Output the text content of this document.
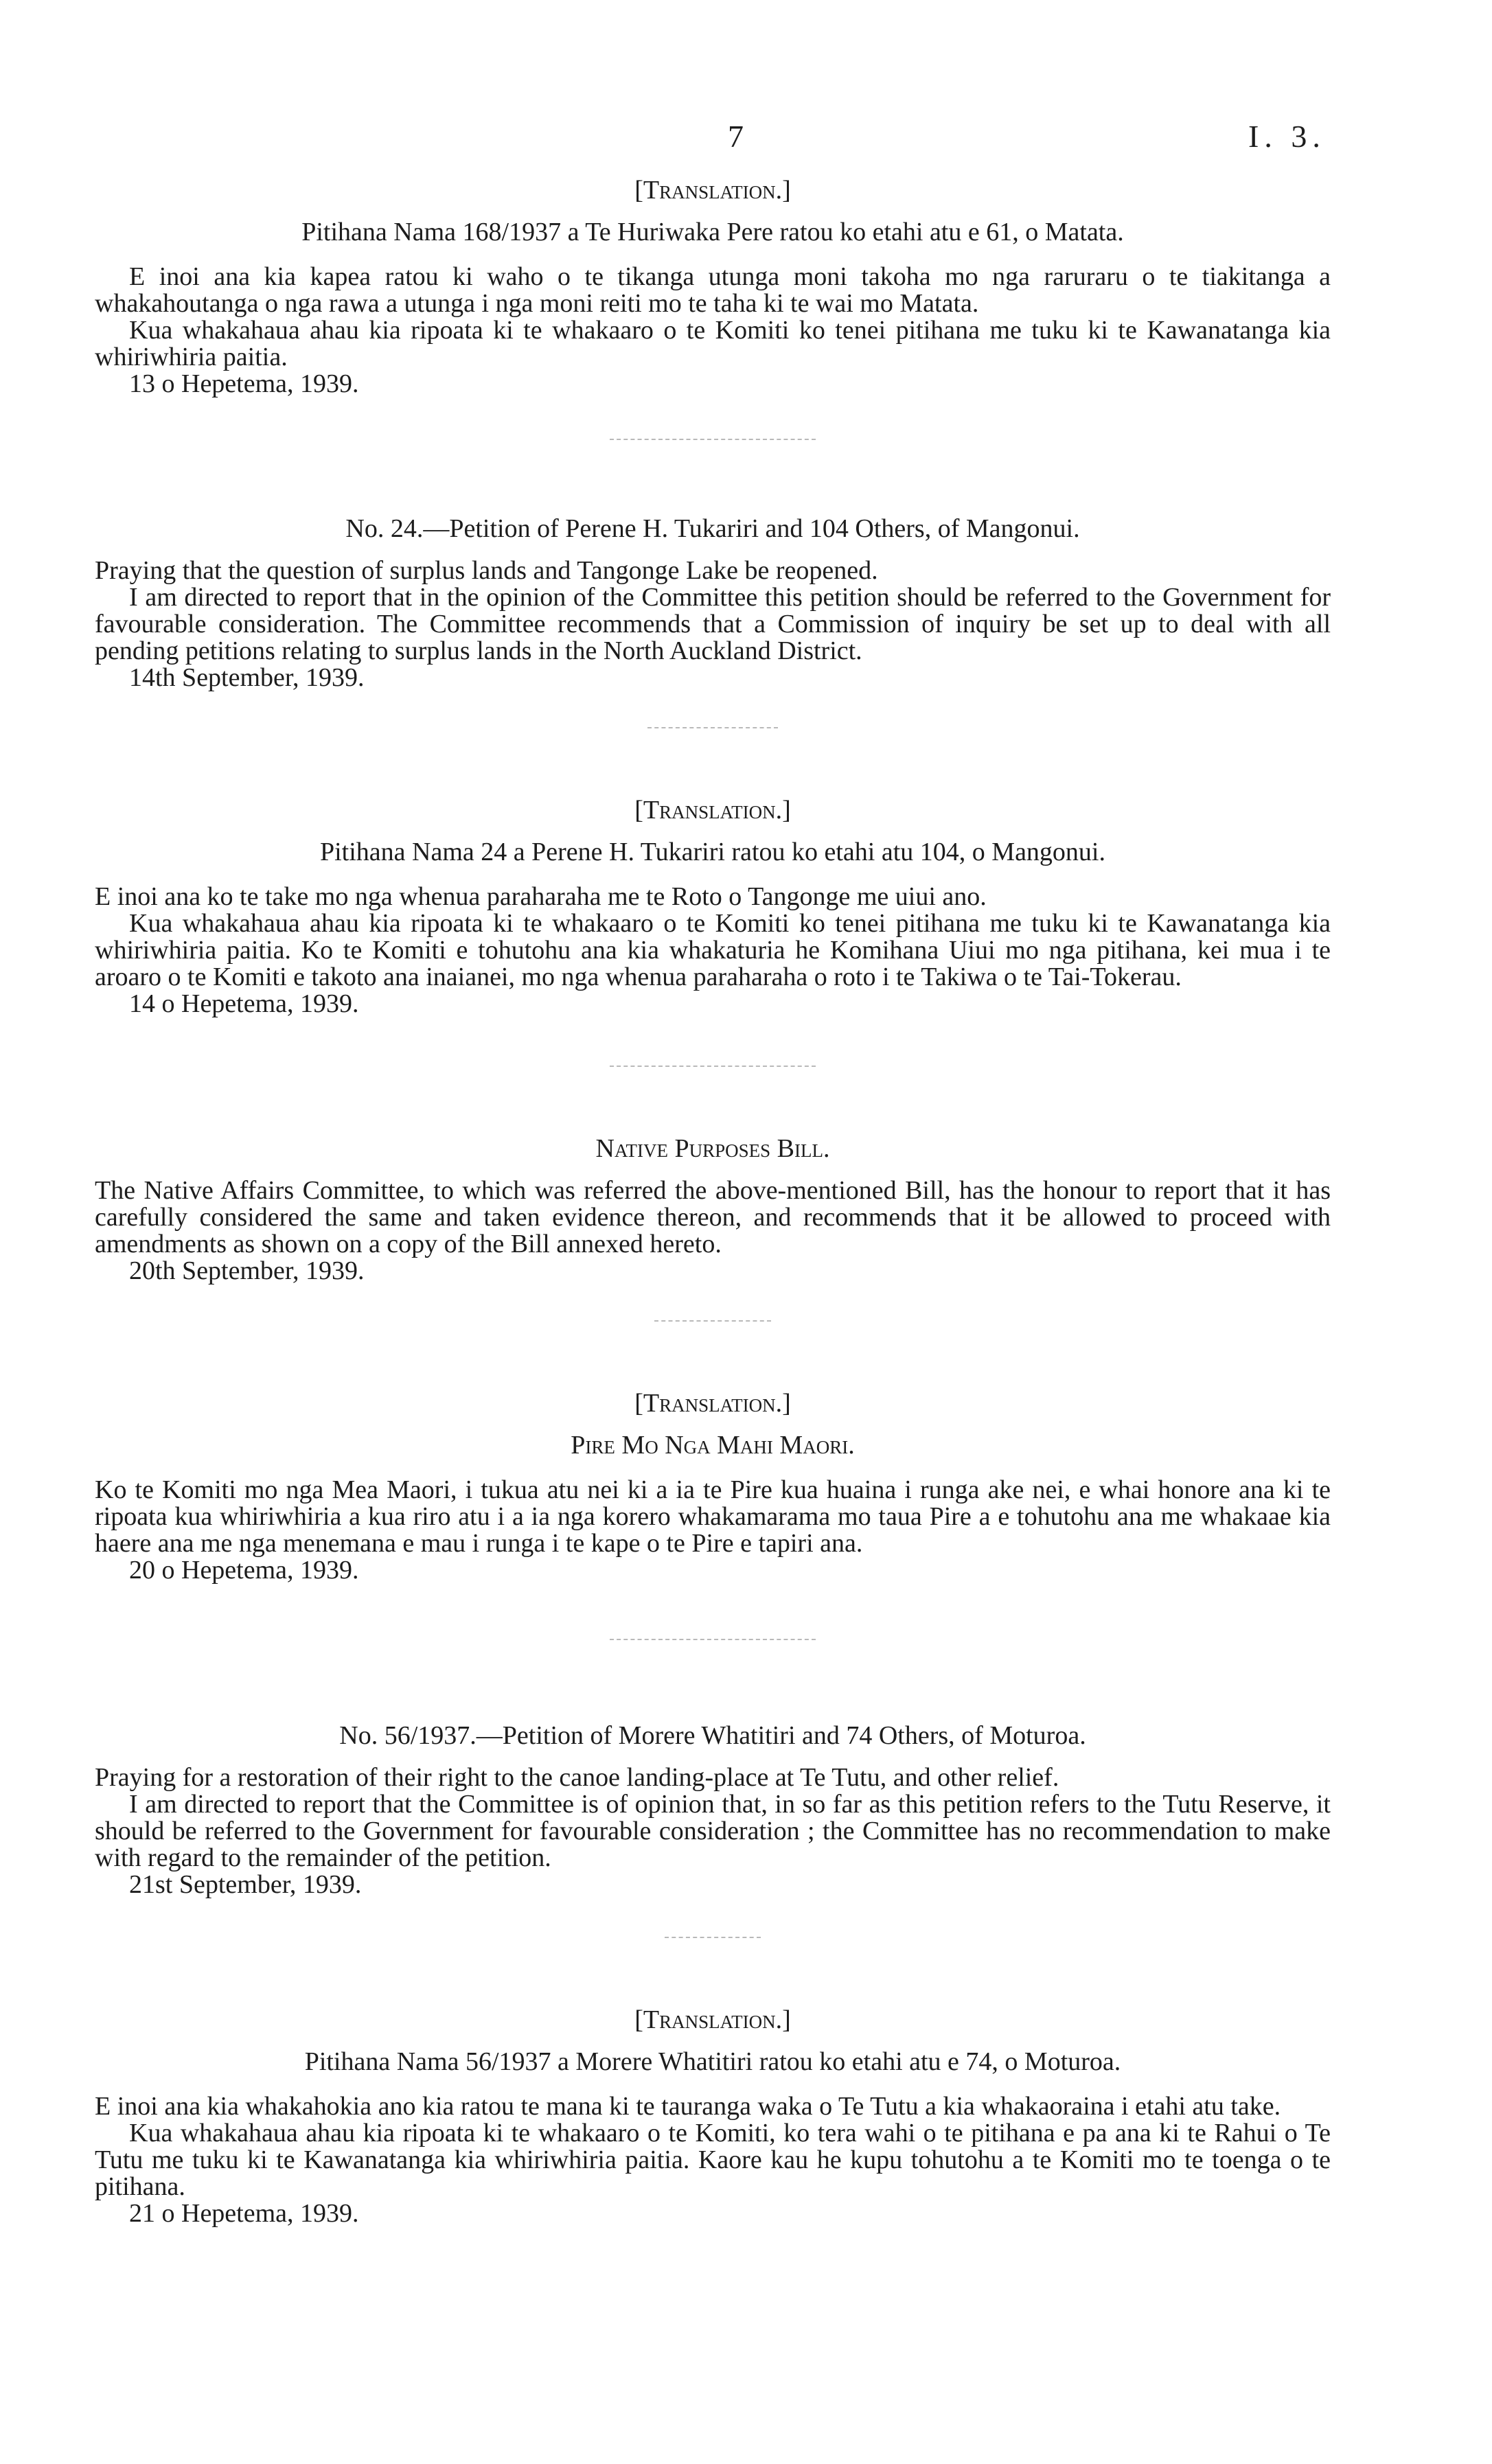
7	I. 3.
[Translation.]
Pitihana Nama 168/1937 a Te Huriwaka Pere ratou ko etahi atu e 61, o Matata.

E inoi ana kia kapea ratou ki waho o te tikanga utunga moni takoha mo nga raruraru o te tiakitanga a whakahoutanga o nga rawa a utunga i nga moni reiti mo te taha ki te wai mo Matata.

Kua whakahaua ahau kia ripoata ki te whakaaro o te Komiti ko tenei pitihana me tuku ki te Kawanatanga kia whiriwhiria paitia.

13 o Hepetema, 1939.

No. 24.—Petition of Perene H. Tukariri and 104 Others, of Mangonui.

Praying that the question of surplus lands and Tangonge Lake be reopened.

I am directed to report that in the opinion of the Committee this petition should be referred to the Government for favourable consideration. The Committee recommends that a Commission of inquiry be set up to deal with all pending petitions relating to surplus lands in the North Auckland District.

14th September, 1939.

[Translation.]
Pitihana Nama 24 a Perene H. Tukariri ratou ko etahi atu 104, o Mangonui.

E inoi ana ko te take mo nga whenua paraharaha me te Roto o Tangonge me uiui ano.

Kua whakahaua ahau kia ripoata ki te whakaaro o te Komiti ko tenei pitihana me tuku ki te Kawanatanga kia whiriwhiria paitia. Ko te Komiti e tohutohu ana kia whakaturia he Komihana Uiui mo nga pitihana, kei mua i te aroaro o te Komiti e takoto ana inaianei, mo nga whenua paraharaha o roto i te Takiwa o te Tai-Tokerau.

14 o Hepetema, 1939.

Native Purposes Bill.

The Native Affairs Committee, to which was referred the above-mentioned Bill, has the honour to report that it has carefully considered the same and taken evidence thereon, and recommends that it be allowed to proceed with amendments as shown on a copy of the Bill annexed hereto.

20th September, 1939.

[Translation.]
Pire Mo Nga Mahi Maori.

Ko te Komiti mo nga Mea Maori, i tukua atu nei ki a ia te Pire kua huaina i runga ake nei, e whai honore ana ki te ripoata kua whiriwhiria a kua riro atu i a ia nga korero whakamarama mo taua Pire a e tohutohu ana me whakaae kia haere ana me nga menemana e mau i runga i te kape o te Pire e tapiri ana.

20 o Hepetema, 1939.

No. 56/1937.—Petition of Morere Whatitiri and 74 Others, of Moturoa.

Praying for a restoration of their right to the canoe landing-place at Te Tutu, and other relief.

I am directed to report that the Committee is of opinion that, in so far as this petition refers to the Tutu Reserve, it should be referred to the Government for favourable consideration ; the Committee has no recommendation to make with regard to the remainder of the petition.

21st September, 1939.

[Translation.]
Pitihana Nama 56/1937 a Morere Whatitiri ratou ko etahi atu e 74, o Moturoa.

E inoi ana kia whakahokia ano kia ratou te mana ki te tauranga waka o Te Tutu a kia whakaoraina i etahi atu take.

Kua whakahaua ahau kia ripoata ki te whakaaro o te Komiti, ko tera wahi o te pitihana e pa ana ki te Rahui o Te Tutu me tuku ki te Kawanatanga kia whiriwhiria paitia. Kaore kau he kupu tohutohu a te Komiti mo te toenga o te pitihana.

21 o Hepetema, 1939.
